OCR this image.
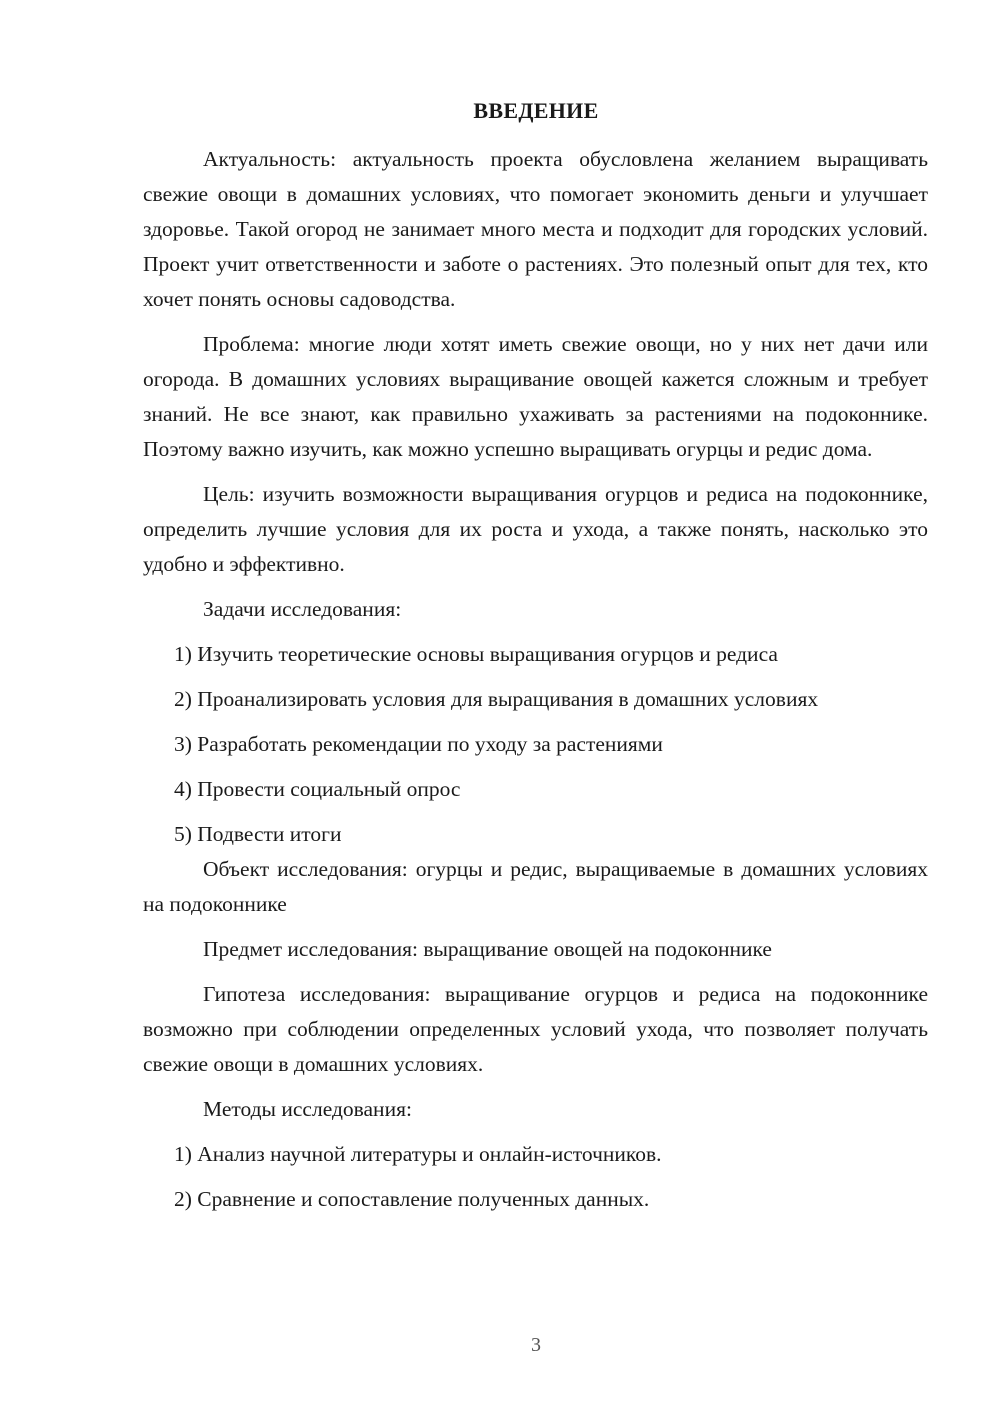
ВВЕДЕНИЕ

Актуальность: актуальность проекта обусловлена желанием выращивать свежие овощи в домашних условиях, что помогает экономить деньги и улучшает здоровье. Такой огород не занимает много места и подходит для городских условий. Проект учит ответственности и заботе о растениях. Это полезный опыт для тех, кто хочет понять основы садоводства.

Проблема: многие люди хотят иметь свежие овощи, но у них нет дачи или огорода. В домашних условиях выращивание овощей кажется сложным и требует знаний. Не все знают, как правильно ухаживать за растениями на подоконнике. Поэтому важно изучить, как можно успешно выращивать огурцы и редис дома.

Цель: изучить возможности выращивания огурцов и редиса на подоконнике, определить лучшие условия для их роста и ухода, а также понять, насколько это удобно и эффективно.

Задачи исследования:

1) Изучить теоретические основы выращивания огурцов и редиса

2) Проанализировать условия для выращивания в домашних условиях

3) Разработать рекомендации по уходу за растениями

4) Провести социальный опрос

5) Подвести итоги

Объект исследования: огурцы и редис, выращиваемые в домашних условиях на подоконнике

Предмет исследования: выращивание овощей на подоконнике

Гипотеза исследования: выращивание огурцов и редиса на подоконнике возможно при соблюдении определенных условий ухода, что позволяет получать свежие овощи в домашних условиях.

Методы исследования:

1) Анализ научной литературы и онлайн-источников.

2) Сравнение и сопоставление полученных данных.

3
